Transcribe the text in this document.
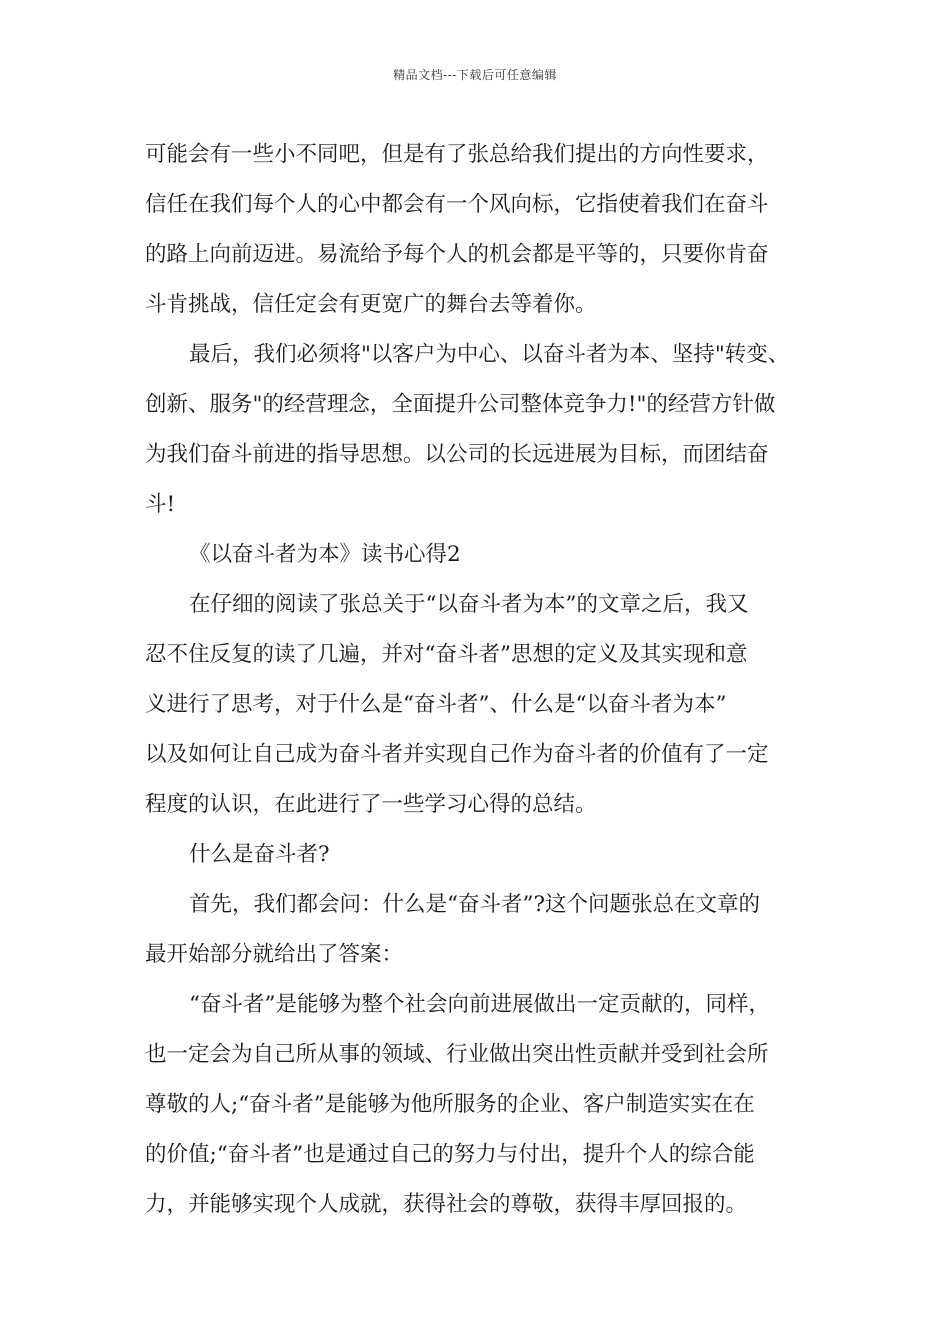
精品文档---下载后可任意编辑
可能会有一些小不同吧，但是有了张总给我们提出的方向性要求，
信任在我们每个人的心中都会有一个风向标，它指使着我们在奋斗
的路上向前迈进。易流给予每个人的机会都是平等的，只要你肯奋
斗肯挑战，信任定会有更宽广的舞台去等着你。
最后，我们必须将"以客户为中心、以奋斗者为本、坚持"转变、
创新、服务"的经营理念，全面提升公司整体竞争力!"的经营方针做
为我们奋斗前进的指导思想。以公司的长远进展为目标，而团结奋
斗!
《以奋斗者为本》读书心得2
在仔细的阅读了张总关于“以奋斗者为本”的文章之后，我又
忍不住反复的读了几遍，并对“奋斗者”思想的定义及其实现和意
义进行了思考，对于什么是“奋斗者”、什么是“以奋斗者为本”
以及如何让自己成为奋斗者并实现自己作为奋斗者的价值有了一定
程度的认识，在此进行了一些学习心得的总结。
什么是奋斗者?
首先，我们都会问：什么是“奋斗者”?这个问题张总在文章的
最开始部分就给出了答案：
“奋斗者”是能够为整个社会向前进展做出一定贡献的，同样，
也一定会为自己所从事的领域、行业做出突出性贡献并受到社会所
尊敬的人;“奋斗者”是能够为他所服务的企业、客户制造实实在在
的价值;“奋斗者”也是通过自己的努力与付出，提升个人的综合能
力，并能够实现个人成就，获得社会的尊敬，获得丰厚回报的。
